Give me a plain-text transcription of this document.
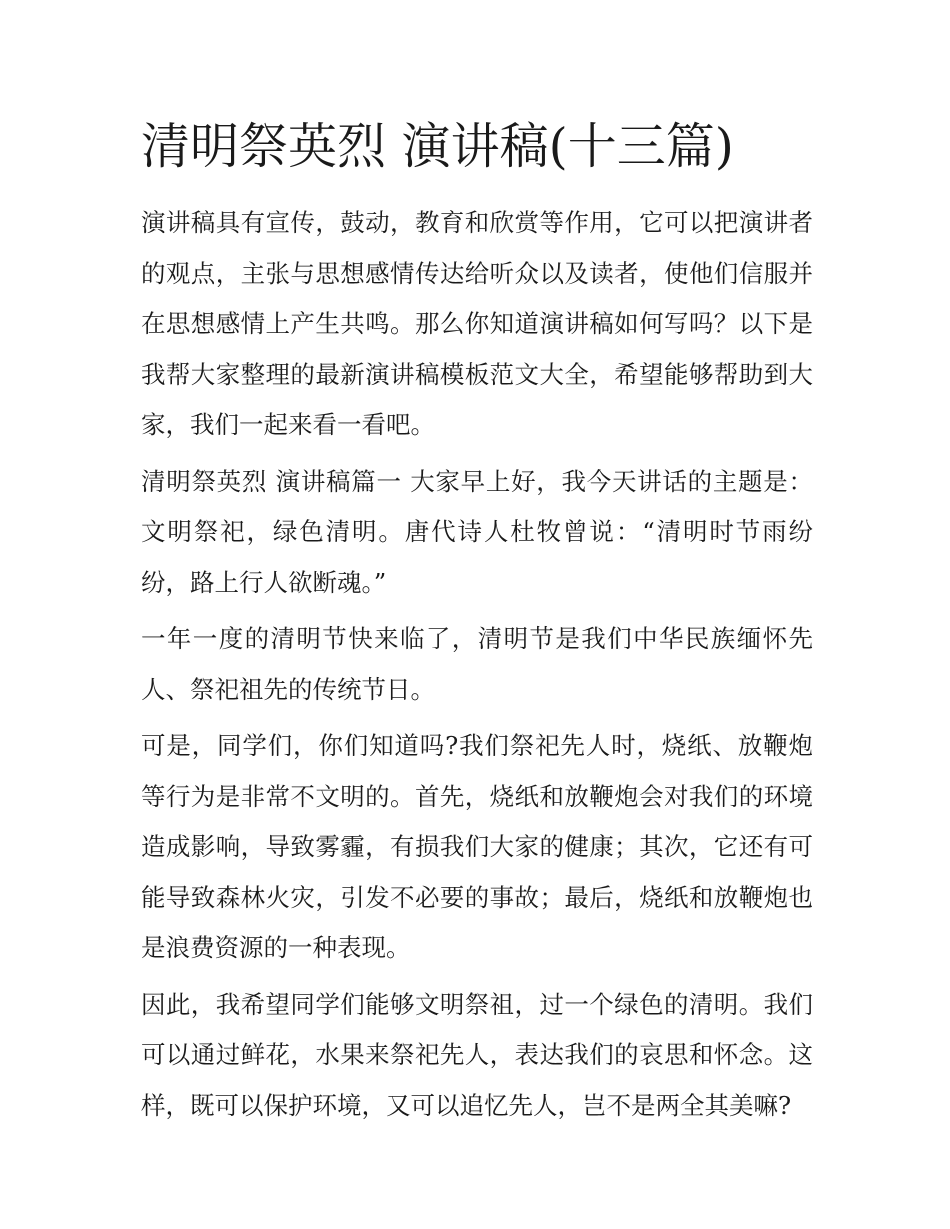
清明祭英烈 演讲稿(十三篇)

演讲稿具有宣传，鼓动，教育和欣赏等作用，它可以把演讲者的观点，主张与思想感情传达给听众以及读者，使他们信服并在思想感情上产生共鸣。那么你知道演讲稿如何写吗？以下是我帮大家整理的最新演讲稿模板范文大全，希望能够帮助到大家，我们一起来看一看吧。

清明祭英烈 演讲稿篇一 大家早上好，我今天讲话的主题是：文明祭祀，绿色清明。唐代诗人杜牧曾说：“清明时节雨纷纷，路上行人欲断魂。”

一年一度的清明节快来临了，清明节是我们中华民族缅怀先人、祭祀祖先的传统节日。

可是，同学们，你们知道吗?我们祭祀先人时，烧纸、放鞭炮等行为是非常不文明的。首先，烧纸和放鞭炮会对我们的环境造成影响，导致雾霾，有损我们大家的健康；其次，它还有可能导致森林火灾，引发不必要的事故；最后，烧纸和放鞭炮也是浪费资源的一种表现。

因此，我希望同学们能够文明祭祖，过一个绿色的清明。我们可以通过鲜花，水果来祭祀先人，表达我们的哀思和怀念。这样，既可以保护环境，又可以追忆先人，岂不是两全其美嘛?
